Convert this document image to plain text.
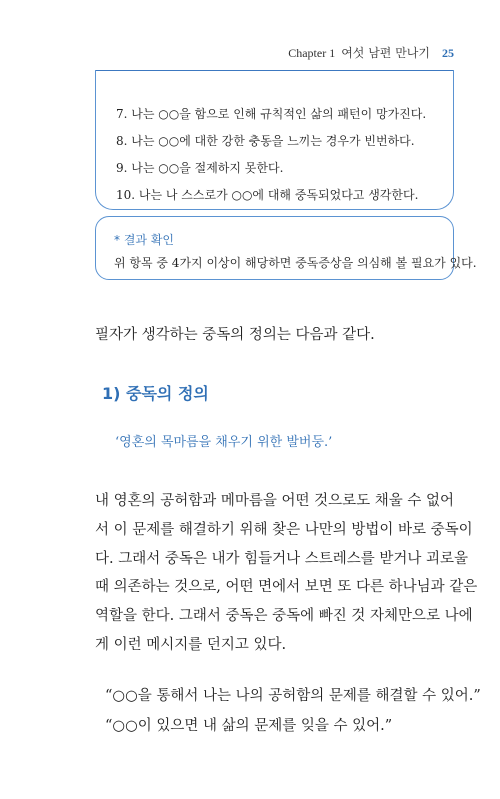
Chapter 1 여섯 남편 만나기 25
7. 나는 ○○을 함으로 인해 규칙적인 삶의 패턴이 망가진다.
8. 나는 ○○에 대한 강한 충동을 느끼는 경우가 빈번하다.
9. 나는 ○○을 절제하지 못한다.
10. 나는 나 스스로가 ○○에 대해 중독되었다고 생각한다.
* 결과 확인
위 항목 중 4가지 이상이 해당하면 중독증상을 의심해 볼 필요가 있다.
필자가 생각하는 중독의 정의는 다음과 같다.
1) 중독의 정의
‘영혼의 목마름을 채우기 위한 발버둥.’
내 영혼의 공허함과 메마름을 어떤 것으로도 채울 수 없어
서 이 문제를 해결하기 위해 찾은 나만의 방법이 바로 중독이
다. 그래서 중독은 내가 힘들거나 스트레스를 받거나 괴로울
때 의존하는 것으로, 어떤 면에서 보면 또 다른 하나님과 같은
역할을 한다. 그래서 중독은 중독에 빠진 것 자체만으로 나에
게 이런 메시지를 던지고 있다.
“○○을 통해서 나는 나의 공허함의 문제를 해결할 수 있어.”
“○○이 있으면 내 삶의 문제를 잊을 수 있어.”
